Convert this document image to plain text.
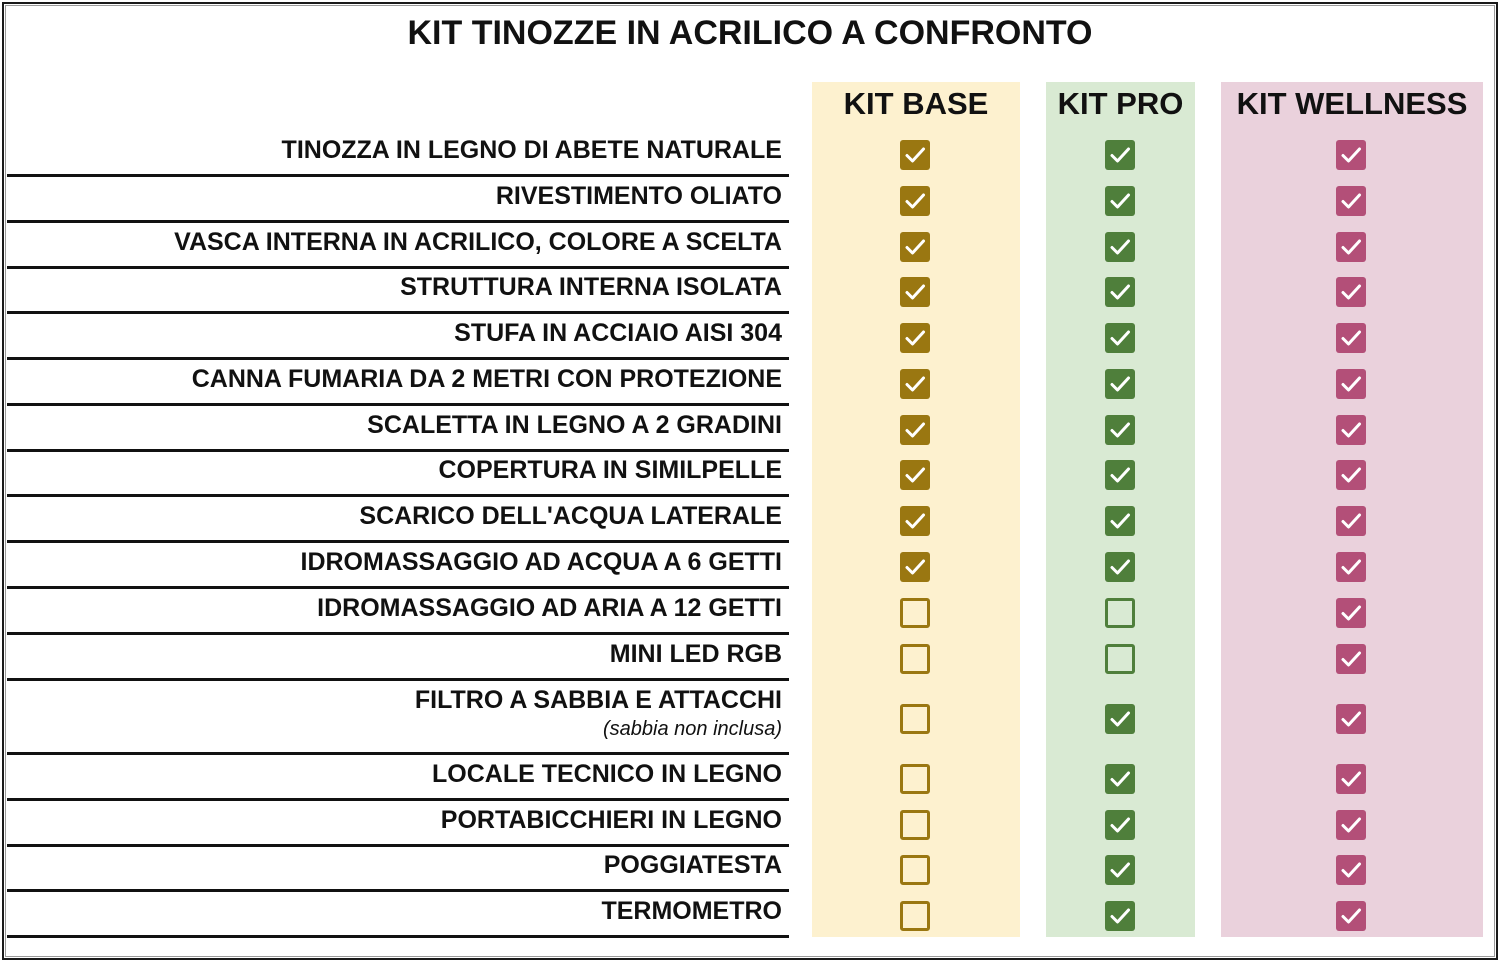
KIT TINOZZE IN ACRILICO A CONFRONTO
KIT BASE	KIT PRO	KIT WELLNESS
TINOZZA IN LEGNO DI ABETE NATURALE
RIVESTIMENTO OLIATO
VASCA INTERNA IN ACRILICO, COLORE A SCELTA
STRUTTURA INTERNA ISOLATA
STUFA IN ACCIAIO AISI 304
CANNA FUMARIA DA 2 METRI CON PROTEZIONE
SCALETTA IN LEGNO A 2 GRADINI
COPERTURA IN SIMILPELLE
SCARICO DELL'ACQUA LATERALE
IDROMASSAGGIO AD ACQUA A 6 GETTI
IDROMASSAGGIO AD ARIA A 12 GETTI
MINI LED RGB
FILTRO A SABBIA E ATTACCHI
(sabbia non inclusa)
LOCALE TECNICO IN LEGNO
PORTABICCHIERI IN LEGNO
POGGIATESTA
TERMOMETRO
